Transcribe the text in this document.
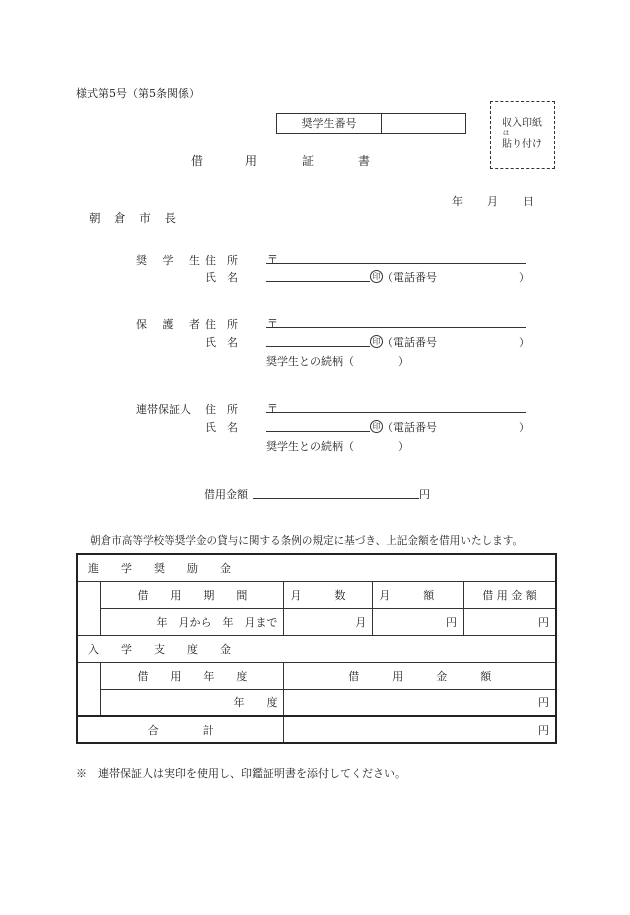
様式第5号（第5条関係）
奨学生番号	収入印紙
は
貼り付け
借	用	証	書
年 月 日
朝 倉 市 長
奨 学 生 住　所	〒
氏　名	印 （電話番号	）
保 護 者 住　所	〒
氏　名	印 （電話番号	）
奨学生との続柄（　　　　）
連帯保証人 住　所	〒
氏　名	印 （電話番号	）
奨学生との続柄（　　　　）
借用金額	円
朝倉市高等学校等奨学金の貸与に関する条例の規定に基づき、上記金額を借用いたします。
進　　学　　奨　　励　　金				
	借　　用　　期　　間	月　　　数	月　　　額	借 用 金 額
	年　月から　年　月まで	月	円	円
入　　学　　支　　度　　金				
	借　　用　　年　　度	借　　　用　　　金　　　額		
	年　　度	円		
合　　　　計		円		
※　連帯保証人は実印を使用し、印鑑証明書を添付してください。
